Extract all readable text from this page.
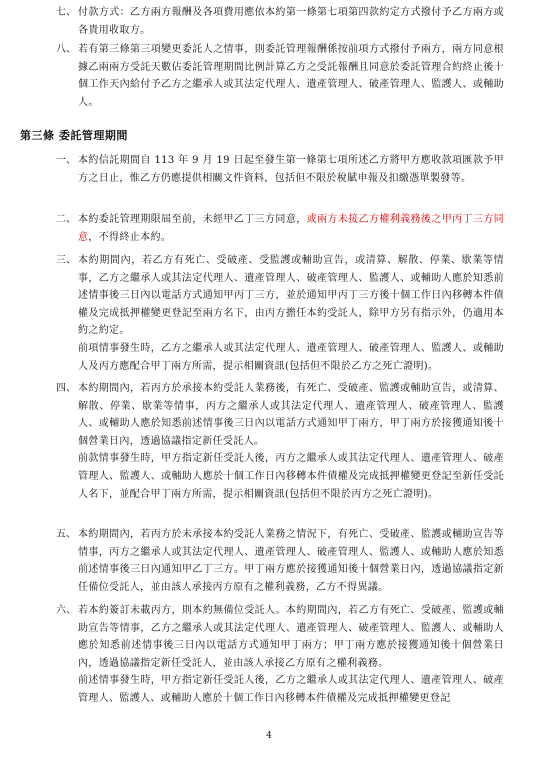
七、 付款方式：乙方兩方報酬及各項費用應依本約第一條第七項第四款約定方式撥付予乙方兩方或各貴用收取方。
八、 若有第三條第三項變更委託人之情事，則委託管理報酬係按前項方式撥付予兩方，兩方同意根據乙兩兩方受託天數佔委託管理期間比例計算乙方之受託報酬且同意於委託管理合約終止後十個工作天內給付予乙方之繼承人或其法定代理人、遺產管理人、破產管理人、監護人、或輔助人。
第三條 委託管理期間
一、 本約信託期間自 113 年 9 月 19 日起至發生第一條第七項所述乙方將甲方應收款項匯款予甲方之日止，惟乙方仍應提供相關文件資料，包括但不限於稅賦申報及扣繳憑單製發等。
二、 本約委託管理期限屆至前，未經甲乙丁三方同意，或兩方未接乙方權利義務後之甲丙丁三方同意，不得終止本約。
三、 本約期間內，若乙方有死亡、受破產、受監護或輔助宣告，或清算、解散、停業、歇業等情事，乙方之繼承人或其法定代理人、遺產管理人、破產管理人、監護人、或輔助人應於知悉前述情事後三日內以電話方式通知甲丙丁三方，並於通知甲丙丁三方後十個工作日內移轉本件債權及完成抵押權變更登記至兩方名下，由丙方擔任本約受託人，除甲方另有指示外，仍適用本約之約定。
前項情事發生時，乙方之繼承人或其法定代理人、遺產管理人、破產管理人、監護人、或輔助人及丙方應配合甲丁兩方所需，提示相關資訊(包括但不限於乙方之死亡證明)。
四、 本約期間內，若丙方於承接本約受託人業務後，有死亡、受破產、監護或輔助宣告，或清算、解散、停業、歇業等情事，丙方之繼承人或其法定代理人、遺產管理人、破產管理人、監護人、或輔助人應於知悉前述情事後三日內以電話方式通知甲丁兩方，甲丁兩方於接獲通知後十個營業日內，透過協議指定新任受託人。
前款情事發生時，甲方指定新任受託人後，丙方之繼承人或其法定代理人、遺產管理人、破產管理人、監護人、或輔助人應於十個工作日內移轉本件債權及完成抵押權變更登記至新任受託人名下，並配合甲丁兩方所需，提示相關資訊(包括但不限於丙方之死亡證明)。
五、 本約期間內，若丙方於未承接本約受託人業務之情況下，有死亡、受破產、監護或輔助宣告等情事，丙方之繼承人或其法定代理人、遺產管理人、破產管理人、監護人、或輔助人應於知悉前述情事後三日內通知甲乙丁三方。甲丁兩方應於接獲通知後十個營業日內，透過協議指定新任備位受託人，並由該人承接丙方原有之權利義務，乙方不得異議。
六、 若本約簽訂未載丙方，則本約無備位受託人。本約期間內，若乙方有死亡、受破產、監護或輔助宣告等情事，乙方之繼承人或其法定代理人、遺產管理人、破產管理人、監護人、或輔助人應於知悉前述情事後三日內以電話方式通知甲丁兩方；甲丁兩方應於接獲通知後十個營業日內，透過協議指定新任受託人，並由該人承接乙方原有之權利義務。
前述情事發生時，甲方指定新任受託人後，乙方之繼承人或其法定代理人、遺產管理人、破產管理人、監護人、或輔助人應於十個工作日內移轉本件債權及完成抵押權變更登記
4
